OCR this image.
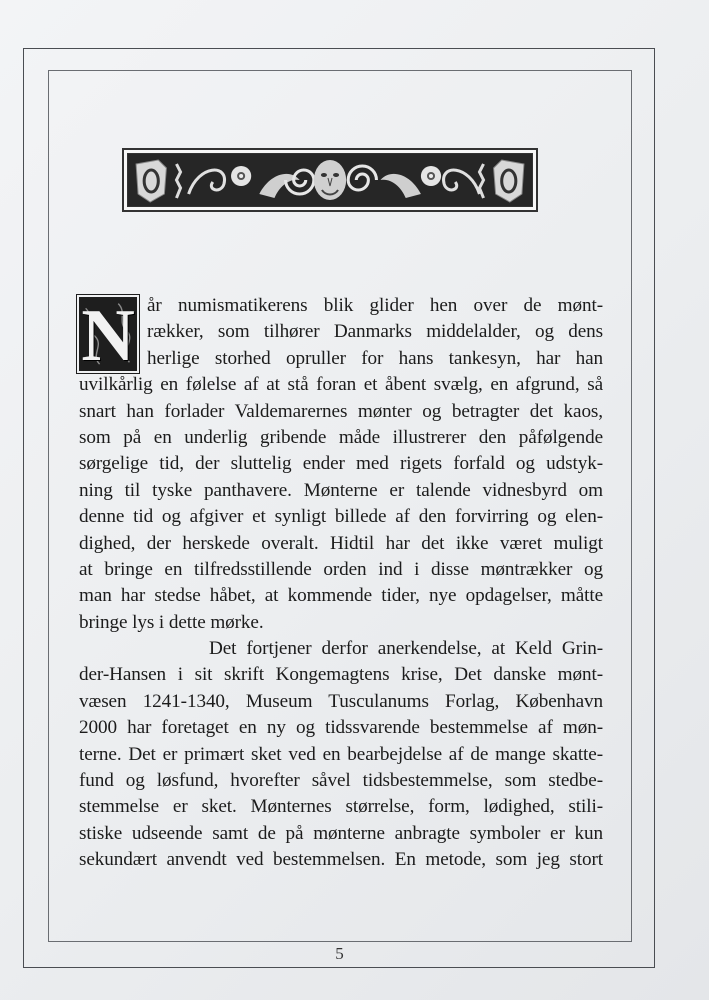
N år numismatikerens blik glider hen over de mønt-
rækker, som tilhører Danmarks middelalder, og dens
herlige storhed opruller for hans tankesyn, har han
uvilkårlig en følelse af at stå foran et åbent svælg, en afgrund, så
snart han forlader Valdemarernes mønter og betragter det kaos,
som på en underlig gribende måde illustrerer den påfølgende
sørgelige tid, der sluttelig ender med rigets forfald og udstyk-
ning til tyske panthavere. Mønterne er talende vidnesbyrd om
denne tid og afgiver et synligt billede af den forvirring og elen-
dighed, der herskede overalt. Hidtil har det ikke været muligt
at bringe en tilfredsstillende orden ind i disse møntrækker og
man har stedse håbet, at kommende tider, nye opdagelser, måtte
bringe lys i dette mørke.
Det fortjener derfor anerkendelse, at Keld Grin-
der-Hansen i sit skrift Kongemagtens krise, Det danske mønt-
væsen 1241-1340, Museum Tusculanums Forlag, København
2000 har foretaget en ny og tidssvarende bestemmelse af møn-
terne. Det er primært sket ved en bearbejdelse af de mange skatte-
fund og løsfund, hvorefter såvel tidsbestemmelse, som stedbe-
stemmelse er sket. Mønternes størrelse, form, lødighed, stili-
stiske udseende samt de på mønterne anbragte symboler er kun
sekundært anvendt ved bestemmelsen. En metode, som jeg stort
5
